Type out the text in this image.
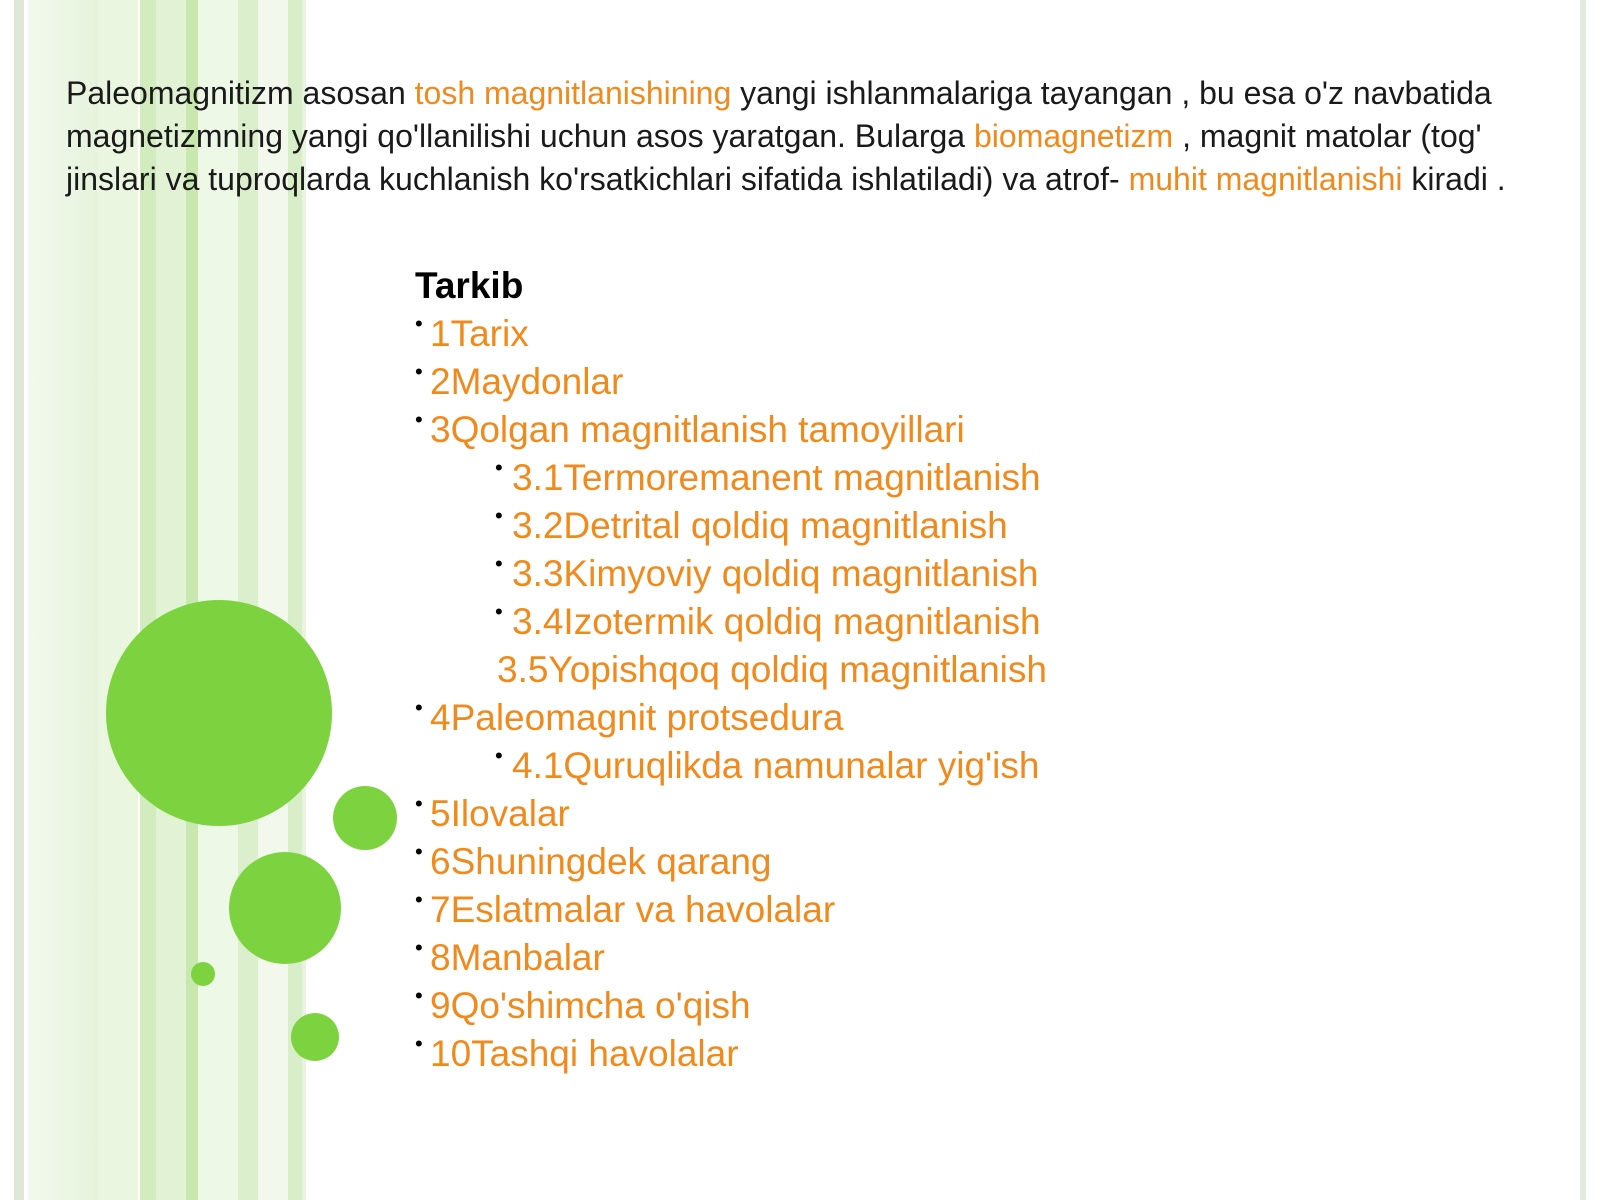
Paleomagnitizm asosan tosh magnitlanishining yangi ishlanmalariga tayangan , bu esa o'z navbatida magnetizmning yangi qo'llanilishi uchun asos yaratgan. Bularga biomagnetizm , magnit matolar (tog' jinslari va tuproqlarda kuchlanish ko'rsatkichlari sifatida ishlatiladi) va atrof- muhit magnitlanishi kiradi .

Tarkib
• 1Tarix
• 2Maydonlar
• 3Qolgan magnitlanish tamoyillari
• 3.1Termoremanent magnitlanish
• 3.2Detrital qoldiq magnitlanish
• 3.3Kimyoviy qoldiq magnitlanish
• 3.4Izotermik qoldiq magnitlanish
3.5Yopishqoq qoldiq magnitlanish
• 4Paleomagnit protsedura
• 4.1Quruqlikda namunalar yig'ish
• 5Ilovalar
• 6Shuningdek qarang
• 7Eslatmalar va havolalar
• 8Manbalar
• 9Qo'shimcha o'qish
• 10Tashqi havolalar
